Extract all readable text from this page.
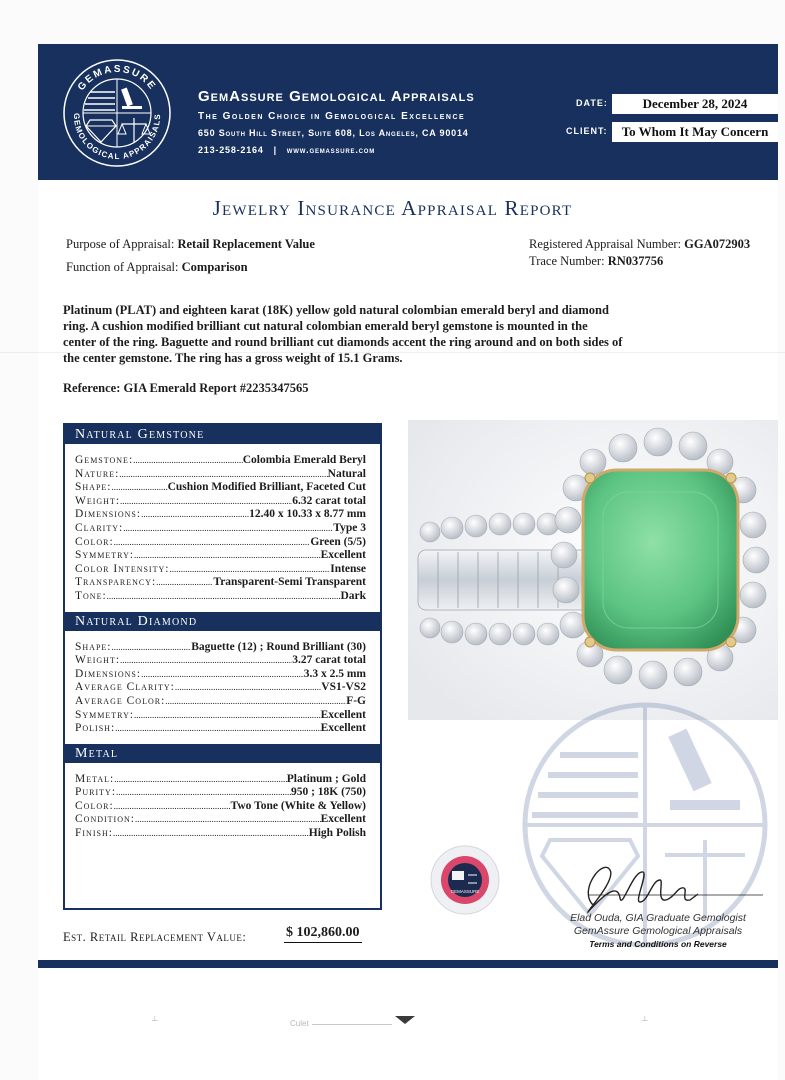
GEMASSURE
GEMOLOGICAL APPRAISALS
GemAssure Gemological Appraisals
The Golden Choice in Gemological Excellence
650 South Hill Street, Suite 608, Los Angeles, CA 90014
213-258-2164 | www.gemassure.com
DATE:	December 28, 2024
CLIENT:	To Whom It May Concern
Jewelry Insurance Appraisal Report
Purpose of Appraisal: Retail Replacement Value
Function of Appraisal: Comparison
Registered Appraisal Number: GGA072903
Trace Number: RN037756
Platinum (PLAT) and eighteen karat (18K) yellow gold natural colombian emerald beryl and diamond ring. A cushion modified brilliant cut natural colombian emerald beryl gemstone is mounted in the center of the ring. Baguette and round brilliant cut diamonds accent the ring around and on both sides of the center gemstone. The ring has a gross weight of 15.1 Grams.
Reference: GIA Emerald Report #2235347565
Natural Gemstone
Gemstone: .....	Colombia Emerald Beryl
Nature: .....	Natural
Shape: .....	Cushion Modified Brilliant, Faceted Cut
Weight: .....	6.32 carat total
Dimensions: .....	12.40 x 10.33 x 8.77 mm
Clarity: .....	Type 3
Color: .....	Green (5/5)
Symmetry: .....	Excellent
Color Intensity: .....	Intense
Transparency: .....	Transparent-Semi Transparent
Tone: .....	Dark
Natural Diamond
Shape: .....	Baguette (12) ; Round Brilliant (30)
Weight: .....	3.27 carat total
Dimensions: .....	3.3 x 2.5 mm
Average Clarity: .....	VS1-VS2
Average Color: .....	F-G
Symmetry: .....	Excellent
Polish: .....	Excellent
Metal
Metal: .....	Platinum ; Gold
Purity: .....	950 ; 18K (750)
Color: .....	Two Tone (White & Yellow)
Condition: .....	Excellent
Finish: .....	High Polish
GEMASSURE
Elad Ouda, GIA Graduate Gemologist
GemAssure Gemological Appraisals
Terms and Conditions on Reverse
Est. Retail Replacement Value:	$ 102,860.00
┴	Culet	┴
